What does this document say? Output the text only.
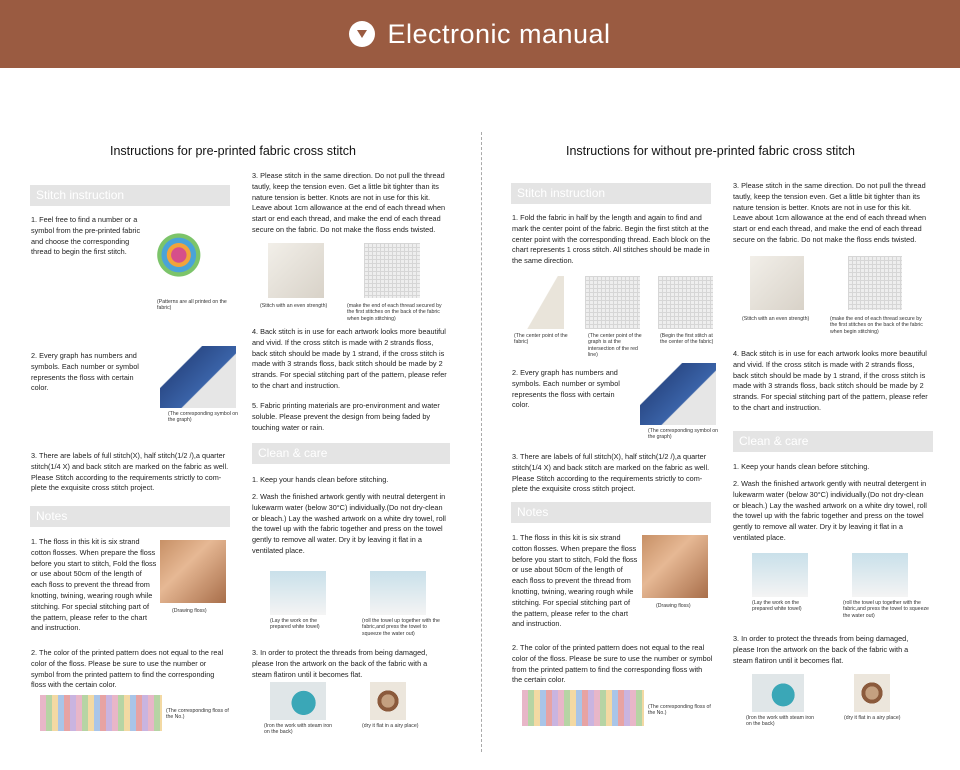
Electronic manual
Instructions for pre-printed fabric cross stitch
Stitch instruction
1. Feel free to find a number or a symbol from the pre-printed fabric and choose the corresponding thread to begin the first stitch.
(Patterns are all printed on the fabric)
2. Every graph has numbers and symbols. Each number or symbol represents the floss with certain color.
(The corresponding symbol on the graph)
3. There are labels of full stitch(X), half stitch(1/2 /),a quarter stitch(1/4 X) and back stitch are marked on the fabric as well. Please Stitch according to the requirements strictly to com-plete the exquisite cross stitch project.
Notes
1. The floss in this kit is six strand cotton flosses. When prepare the floss before you start to stitch, Fold the floss or use about 50cm of the length of each floss to prevent the thread from knotting, twining, wearing rough while stitching. For special stitching part of the pattern, please refer to the chart and instruction.
(Drawing floss)
2. The color of the printed pattern does not equal to the real color of the floss. Please be sure to use the number or symbol from the printed pattern to find the corresponding floss with the certain color.
(The corresponding floss of the No.)
3. Please stitch in the same direction. Do not pull the thread tautly, keep the tension even. Get a little bit tighter than its nature tension is better. Knots are not in use for this kit. Leave about 1cm allowance at the end of each thread when start or end each thread, and make the end of each thread secure on the fabric. Do not make the floss ends twisted.
(Stitch with an even strength)	(make the end of each thread secured by the first stitches on the back of the fabric when begin stitching)
4. Back stitch is in use for each artwork looks more beautiful and vivid. If the cross stitch is made with 2 strands floss, back stitch should be made by 1 strand, if the cross stitch is made with 3 strands floss, back stitch should be made by 2 strands. For special stitching part of the pattern, please refer to the chart and instruction.
5. Fabric printing materials are pro-environment and water soluble. Please prevent the design from being faded by touching water or rain.
Clean & care
1. Keep your hands clean before stitching.
2. Wash the finished artwork gently with neutral detergent in lukewarm water (below 30°C) individually.(Do not dry-clean or bleach.) Lay the washed artwork on a white dry towel, roll the towel up with the fabric together and press on the towel gently to remove all water. Dry it by leaving it flat in a ventilated place.
(Lay the work on the prepared white towel)
(roll the towel up together with the fabric,and press the towel to squeeze the water out)
3. In order to protect the threads from being damaged, please Iron the artwork on the back of the fabric with a steam flatiron until it becomes flat.
(Iron the work with steam iron on the back)
(dry it flat in a airy place)
Instructions for without pre-printed fabric cross stitch
Stitch instruction
1. Fold the fabric in half by the length and again to find and mark the center point of the fabric. Begin the first stitch at the center point with the corresponding thread. Each block on the chart represents 1 cross stitch. All stitches should be made in the same direction.
(The center point of the fabric)
(The center point of the graph is at the intersection of the red line)
(Begin the first stitch at the center of the fabric)
2. Every graph has numbers and symbols. Each number or symbol represents the floss with certain color.
(The corresponding symbol on the graph)
3. There are labels of full stitch(X), half stitch(1/2 /),a quarter stitch(1/4 X) and back stitch are marked on the fabric as well. Please Stitch according to the requirements strictly to com-plete the exquisite cross stitch project.
Notes
1. The floss in this kit is six strand cotton flosses. When prepare the floss before you start to stitch, Fold the floss or use about 50cm of the length of each floss to prevent the thread from knotting, twining, wearing rough while stitching. For special stitching part of the pattern, please refer to the chart and instruction.
(Drawing floss)
2. The color of the printed pattern does not equal to the real color of the floss. Please be sure to use the number or symbol from the printed pattern to find the corresponding floss with the certain color.
(The corresponding floss of the No.)
3. Please stitch in the same direction. Do not pull the thread tautly, keep the tension even. Get a little bit tighter than its nature tension is better. Knots are not in use for this kit. Leave about 1cm allowance at the end of each thread when start or end each thread, and make the end of each thread secure on the fabric. Do not make the floss ends twisted.
(Stitch with an even strength)	(make the end of each thread secure by the first stitches on the back of the fabric when begin stitching)
4. Back stitch is in use for each artwork looks more beautiful and vivid. If the cross stitch is made with 2 strands floss, back stitch should be made by 1 strand, if the cross stitch is made with 3 strands floss, back stitch should be made by 2 strands. For special stitching part of the pattern, please refer to the chart and instruction.
Clean & care
1. Keep your hands clean before stitching.
2. Wash the finished artwork gently with neutral detergent in lukewarm water (below 30°C) individually.(Do not dry-clean or bleach.) Lay the washed artwork on a white dry towel, roll the towel up with the fabric together and press on the towel gently to remove all water. Dry it by leaving it flat in a ventilated place.
(Lay the work on the prepared white towel)
(roll the towel up together with the fabric,and press the towel to squeeze the water out)
3. In order to protect the threads from being damaged, please Iron the artwork on the back of the fabric with a steam flatiron until it becomes flat.
(Iron the work with steam iron on the back)
(dry it flat in a airy place)
